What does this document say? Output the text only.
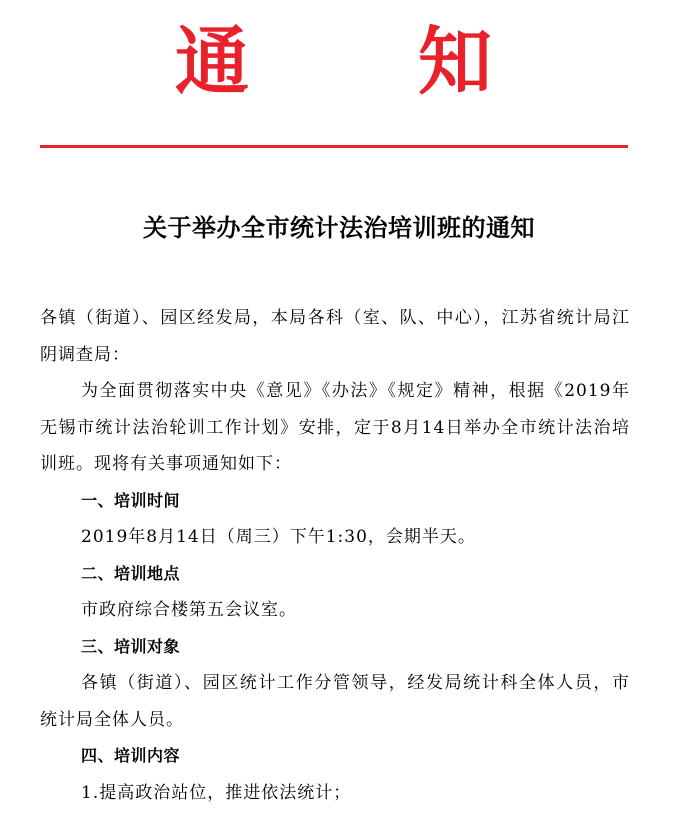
通 知
关于举办全市统计法治培训班的通知

各镇（街道）、园区经发局，本局各科（室、队、中心），江苏省统计局江阴调查局：

为全面贯彻落实中央《意见》《办法》《规定》精神，根据《2019年无锡市统计法治轮训工作计划》安排，定于8月14日举办全市统计法治培训班。现将有关事项通知如下：

一、培训时间

2019年8月14日（周三）下午1:30，会期半天。

二、培训地点

市政府综合楼第五会议室。

三、培训对象

各镇（街道）、园区统计工作分管领导，经发局统计科全体人员，市统计局全体人员。

四、培训内容

1.提高政治站位，推进依法统计；
